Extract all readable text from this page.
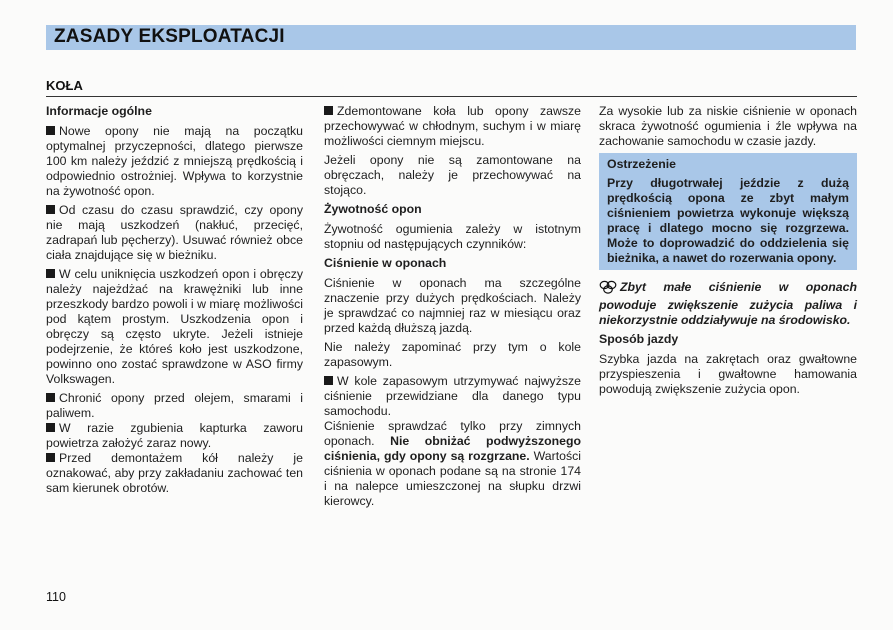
ZASADY EKSPLOATACJI
KOŁA
Informacje ogólne

Nowe opony nie mają na początku optymalnej przyczepności, dlatego pierwsze 100 km należy jeździć z mniejszą prędkością i odpowiednio ostrożniej. Wpływa to korzystnie na żywotność opon.

Od czasu do czasu sprawdzić, czy opony nie mają uszkodzeń (nakłuć, przecięć, zadrapań lub pęcherzy). Usuwać również obce ciała znajdujące się w bieżniku.

W celu uniknięcia uszkodzeń opon i obręczy należy najeżdżać na krawężniki lub inne przeszkody bardzo powoli i w miarę możliwości pod kątem prostym. Uszkodzenia opon i obręczy są często ukryte. Jeżeli istnieje podejrzenie, że któreś koło jest uszkodzone, powinno ono zostać sprawdzone w ASO firmy Volkswagen.

Chronić opony przed olejem, smarami i paliwem.

W razie zgubienia kapturka zaworu powietrza założyć zaraz nowy.

Przed demontażem kół należy je oznakować, aby przy zakładaniu zachować ten sam kierunek obrotów.

Zdemontowane koła lub opony zawsze przechowywać w chłodnym, suchym i w miarę możliwości ciemnym miejscu.

Jeżeli opony nie są zamontowane na obręczach, należy je przechowywać na stojąco.

Żywotność opon

Żywotność ogumienia zależy w istotnym stopniu od następujących czynników:

Ciśnienie w oponach

Ciśnienie w oponach ma szczególne znaczenie przy dużych prędkościach. Należy je sprawdzać co najmniej raz w miesiącu oraz przed każdą dłuższą jazdą.

Nie należy zapominać przy tym o kole zapasowym.

W kole zapasowym utrzymywać najwyższe ciśnienie przewidziane dla danego typu samochodu.

Ciśnienie sprawdzać tylko przy zimnych oponach. Nie obniżać podwyższonego ciśnienia, gdy opony są rozgrzane. Wartości ciśnienia w oponach podane są na stronie 174 i na nalepce umieszczonej na słupku drzwi kierowcy.

Za wysokie lub za niskie ciśnienie w oponach skraca żywotność ogumienia i źle wpływa na zachowanie samochodu w czasie jazdy.

Ostrzeżenie
Przy długotrwałej jeździe z dużą prędkością opona ze zbyt małym ciśnieniem powietrza wykonuje większą pracę i dlatego mocno się rozgrzewa. Może to doprowadzić do oddzielenia się bieżnika, a nawet do rozerwania opony.

Zbyt małe ciśnienie w oponach powoduje zwiększenie zużycia paliwa i niekorzystnie oddziaływuje na środowisko.

Sposób jazdy

Szybka jazda na zakrętach oraz gwałtowne przyspieszenia i gwałtowne hamowania powodują zwiększenie zużycia opon.

110
